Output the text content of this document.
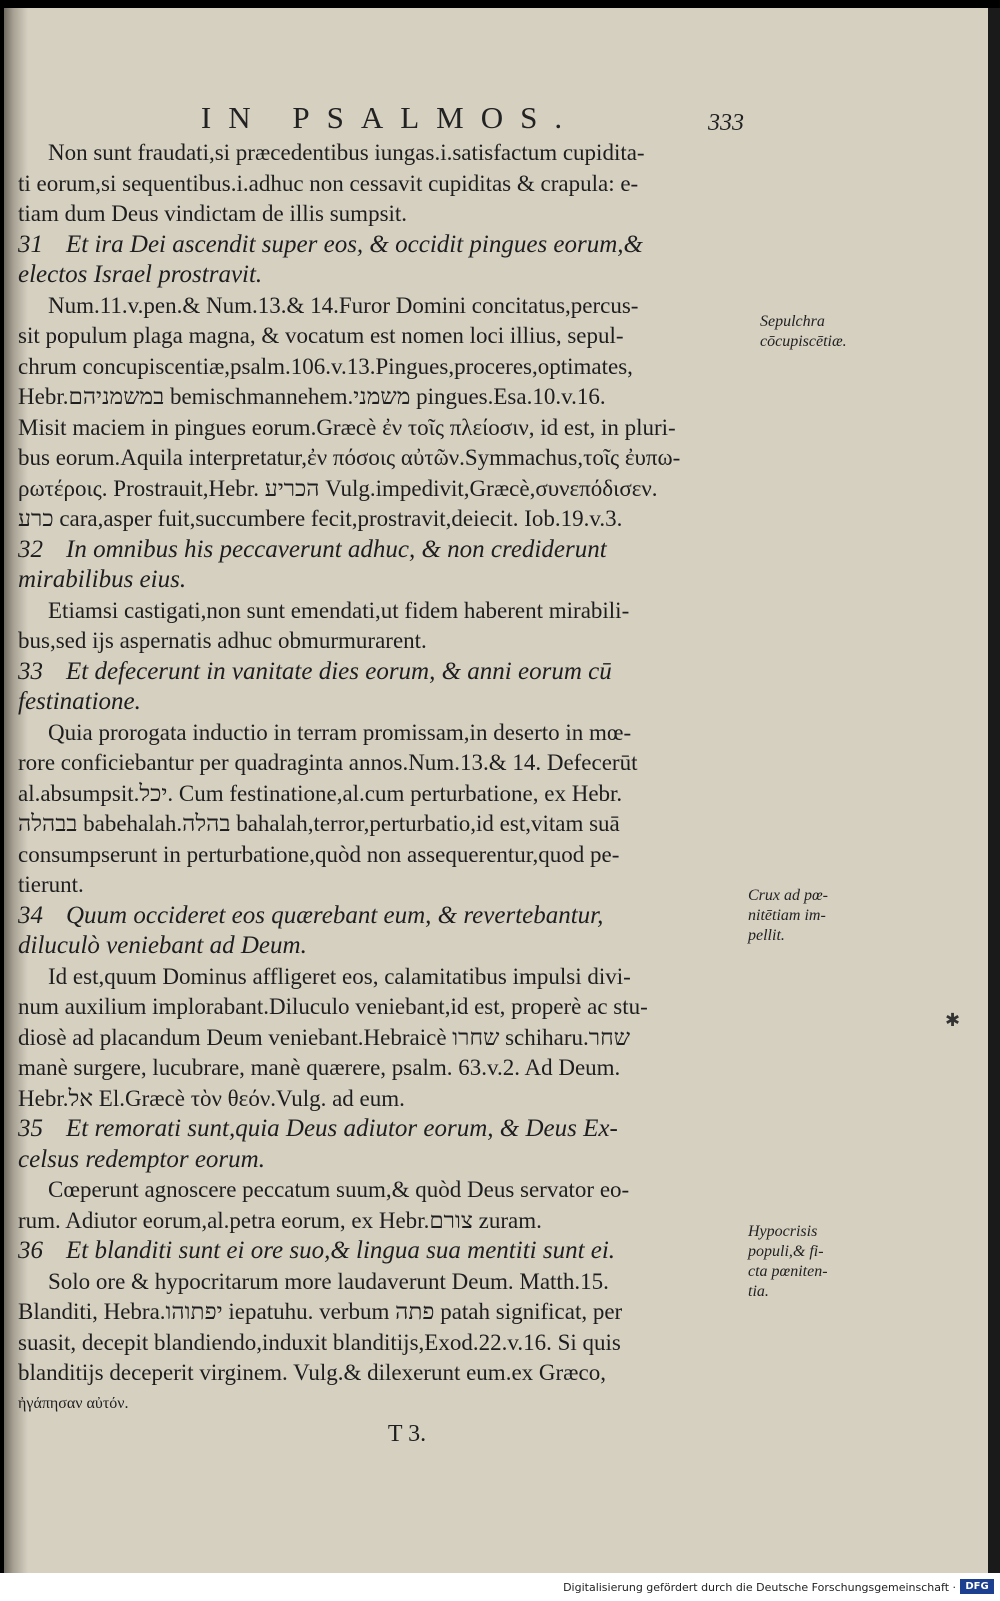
IN PSALMOS.	333
Non sunt fraudati,si præcedentibus iungas.i.satisfactum cupidita-
ti eorum,si sequentibus.i.adhuc non cessavit cupiditas & crapula: e-
tiam dum Deus vindictam de illis sumpsit.
31 Et ira Dei ascendit super eos, & occidit pingues eorum,&
electos Israel prostravit.
Num.11.v.pen.& Num.13.& 14.Furor Domini concitatus,percus-
sit populum plaga magna, & vocatum est nomen loci illius, sepul-
chrum concupiscentiæ,psalm.106.v.13.Pingues,proceres,optimates,
Hebr.במשמניהם bemischmannehem.משמני pingues.Esa.10.v.16.
Misit maciem in pingues eorum.Græcè ἐν τοῖς πλείοσιν, id est, in pluri-
bus eorum.Aquila interpretatur,ἐν πόσοις αὐτῶν.Symmachus,τοῖς ἐυπω-
ρωτέροις. Prostrauit,Hebr. הכריע Vulg.impedivit,Græcè,συνεπόδισεν.
כרע cara,asper fuit,succumbere fecit,prostravit,deiecit. Iob.19.v.3.
32 In omnibus his peccaverunt adhuc, & non crediderunt
mirabilibus eius.
Etiamsi castigati,non sunt emendati,ut fidem haberent mirabili-
bus,sed ijs aspernatis adhuc obmurmurarent.
33 Et defecerunt in vanitate dies eorum, & anni eorum cū
festinatione.
Quia prorogata inductio in terram promissam,in deserto in mœ-
rore conficiebantur per quadraginta annos.Num.13.& 14. Defecerūt
al.absumpsit.יכל. Cum festinatione,al.cum perturbatione, ex Hebr.
בבהלה babehalah.בהלה bahalah,terror,perturbatio,id est,vitam suā
consumpserunt in perturbatione,quòd non assequerentur,quod pe-
tierunt.
34 Quum occideret eos quærebant eum, & revertebantur,
diluculò veniebant ad Deum.
Id est,quum Dominus affligeret eos, calamitatibus impulsi divi-
num auxilium implorabant.Diluculo veniebant,id est, properè ac stu-
diosè ad placandum Deum veniebant.Hebraicè שחרו schiharu.שחר
manè surgere, lucubrare, manè quærere, psalm. 63.v.2. Ad Deum.
Hebr.אל El.Græcè τὸν θεόν.Vulg. ad eum.
35 Et remorati sunt,quia Deus adiutor eorum, & Deus Ex-
celsus redemptor eorum.
Cœperunt agnoscere peccatum suum,& quòd Deus servator eo-
rum. Adiutor eorum,al.petra eorum, ex Hebr.צורם zuram.
36 Et blanditi sunt ei ore suo,& lingua sua mentiti sunt ei.
Solo ore & hypocritarum more laudaverunt Deum. Matth.15.
Blanditi, Hebra.יפתוהו iepatuhu. verbum פתה patah significat, per
suasit, decepit blandiendo,induxit blanditijs,Exod.22.v.16. Si quis
blanditijs deceperit virginem. Vulg.& dilexerunt eum.ex Græco,
ἠγάπησαν αὐτόν.
T 3.
Sepulchra
cōcupiscētiæ.
Crux ad pœ-
nitētiam im-
pellit.
Hypocrisis
populi,& fi-
cta pœniten-
tia.
✱
Digitalisierung gefördert durch die Deutsche Forschungsgemeinschaft · DFG
